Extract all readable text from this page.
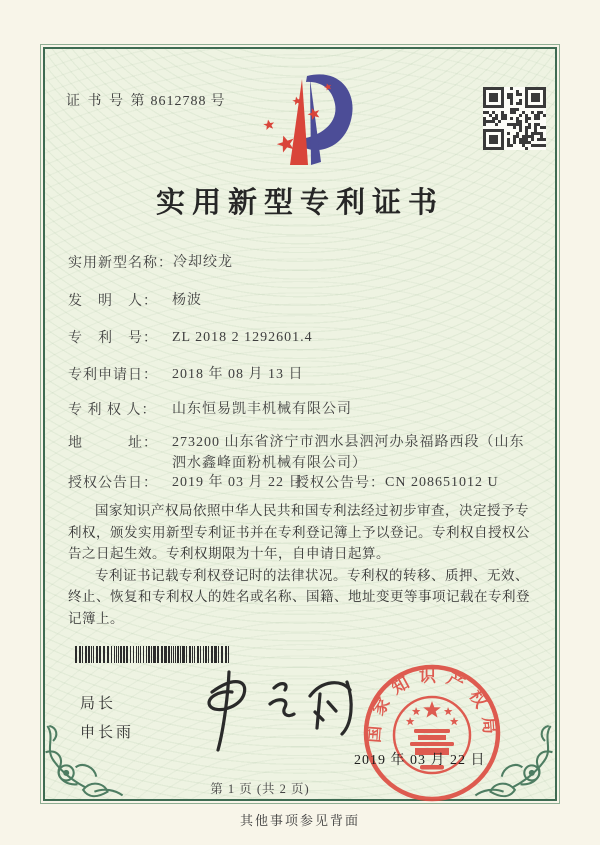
证 书 号 第 8612788 号
实用新型专利证书
实用新型名称： 冷却绞龙
发　明　人：	杨波
专　利　号：	ZL 2018 2 1292601.4
专利申请日：	2018 年 08 月 13 日
专 利 权 人：	山东恒易凯丰机械有限公司
地　　　址：	273200 山东省济宁市泗水县泗河办泉福路西段（山东泗水鑫峰面粉机械有限公司）
授权公告日：	2019 年 03 月 22 日
授权公告号： CN 208651012 U

国家知识产权局依照中华人民共和国专利法经过初步审查，决定授予专利权，颁发实用新型专利证书并在专利登记簿上予以登记。专利权自授权公告之日起生效。专利权期限为十年，自申请日起算。

专利证书记载专利权登记时的法律状况。专利权的转移、质押、无效、终止、恢复和专利权人的姓名或名称、国籍、地址变更等事项记载在专利登记簿上。

局长
申长雨	国家知识产权局
2019 年 03 月 22 日
第 1 页 (共 2 页)
其他事项参见背面
